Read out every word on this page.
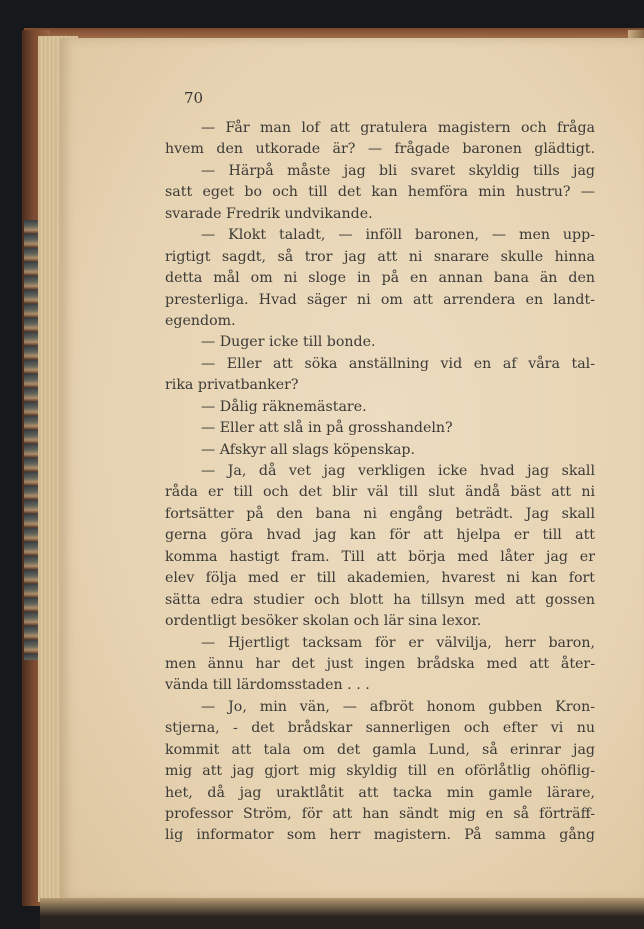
70

— Får man lof att gratulera magistern och fråga
hvem den utkorade är? — frågade baronen glädtigt.
— Härpå måste jag bli svaret skyldig tills jag
satt eget bo och till det kan hemföra min hustru? —
svarade Fredrik undvikande.
— Klokt taladt, — inföll baronen, — men upp-
rigtigt sagdt, så tror jag att ni snarare skulle hinna
detta mål om ni sloge in på en annan bana än den
presterliga. Hvad säger ni om att arrendera en landt-
egendom.
— Duger icke till bonde.
— Eller att söka anställning vid en af våra tal-
rika privatbanker?
— Dålig räknemästare.
— Eller att slå in på grosshandeln?
— Afskyr all slags köpenskap.
— Ja, då vet jag verkligen icke hvad jag skall
råda er till och det blir väl till slut ändå bäst att ni
fortsätter på den bana ni engång beträdt. Jag skall
gerna göra hvad jag kan för att hjelpa er till att
komma hastigt fram. Till att börja med låter jag er
elev följa med er till akademien, hvarest ni kan fort
sätta edra studier och blott ha tillsyn med att gossen
ordentligt besöker skolan och lär sina lexor.
— Hjertligt tacksam för er välvilja, herr baron,
men ännu har det just ingen brådska med att åter-
vända till lärdomsstaden . . .
— Jo, min vän, — afbröt honom gubben Kron-
stjerna, - det brådskar sannerligen och efter vi nu
kommit att tala om det gamla Lund, så erinrar jag
mig att jag gjort mig skyldig till en oförlåtlig ohöflig-
het, då jag uraktlåtit att tacka min gamle lärare,
professor Ström, för att han sändt mig en så förträff-
lig informator som herr magistern. På samma gång
